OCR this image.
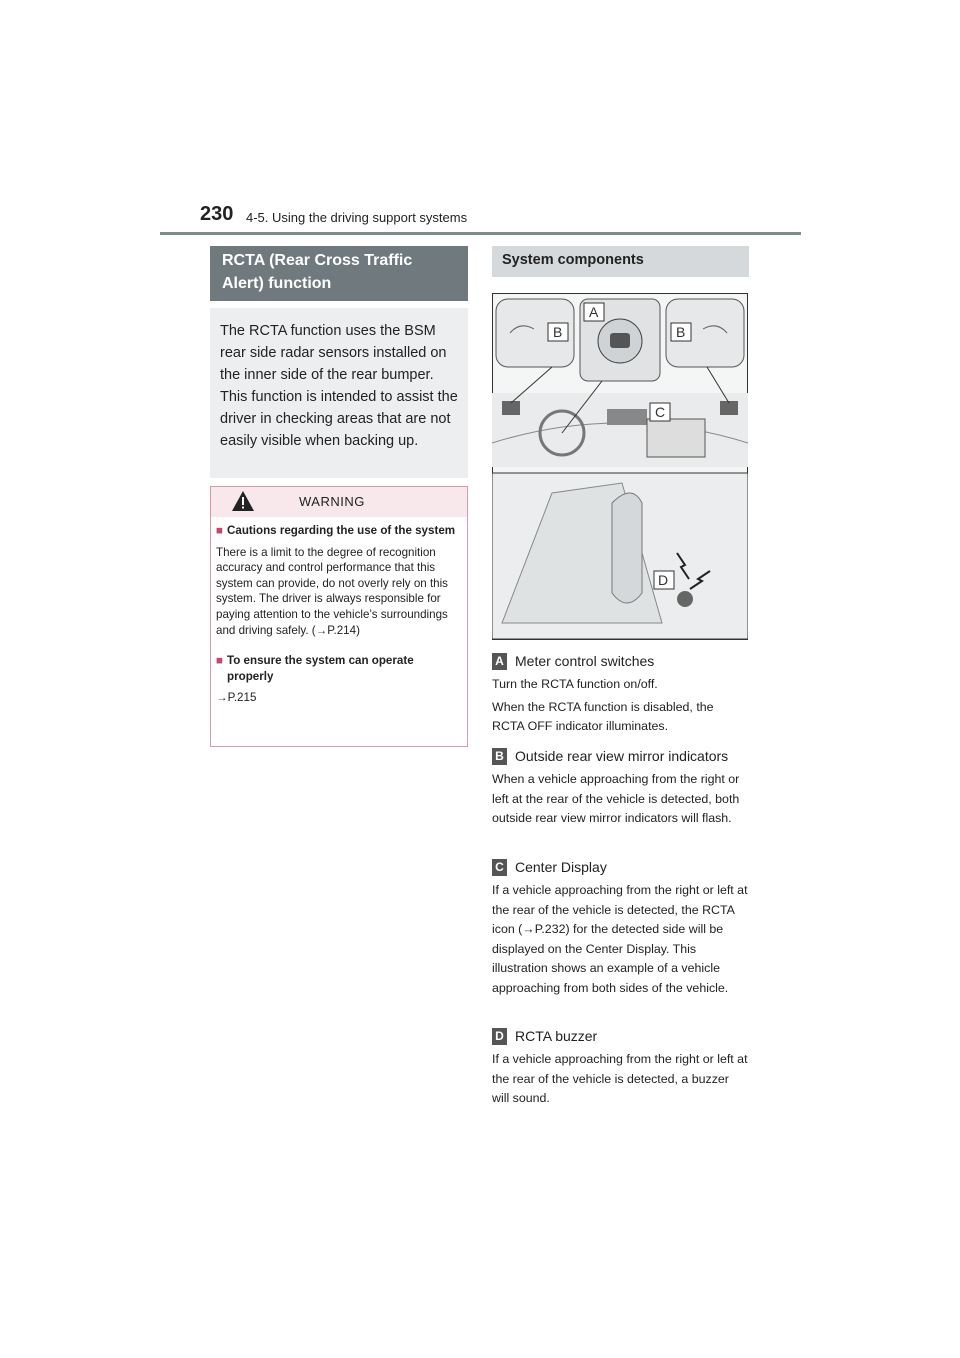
230 4-5. Using the driving support systems
RCTA (Rear Cross Traffic
Alert) function
The RCTA function uses the BSM rear side radar sensors installed on the inner side of the rear bumper. This function is intended to assist the driver in checking areas that are not easily visible when backing up.
WARNING
■ Cautions regarding the use of the system
There is a limit to the degree of recognition accuracy and control performance that this system can provide, do not overly rely on this system. The driver is always responsible for paying attention to the vehicle’s surroundings and driving safely. (→P.214)
■ To ensure the system can operate properly
→P.215
System components
A
B	B
C
D
A Meter control switches
Turn the RCTA function on/off.
When the RCTA function is disabled, the RCTA OFF indicator illuminates.
B Outside rear view mirror indicators
When a vehicle approaching from the right or left at the rear of the vehicle is detected, both outside rear view mirror indicators will flash.
C Center Display
If a vehicle approaching from the right or left at the rear of the vehicle is detected, the RCTA icon (→P.232) for the detected side will be displayed on the Center Display. This illustration shows an example of a vehicle approaching from both sides of the vehicle.
D RCTA buzzer
If a vehicle approaching from the right or left at the rear of the vehicle is detected, a buzzer will sound.
